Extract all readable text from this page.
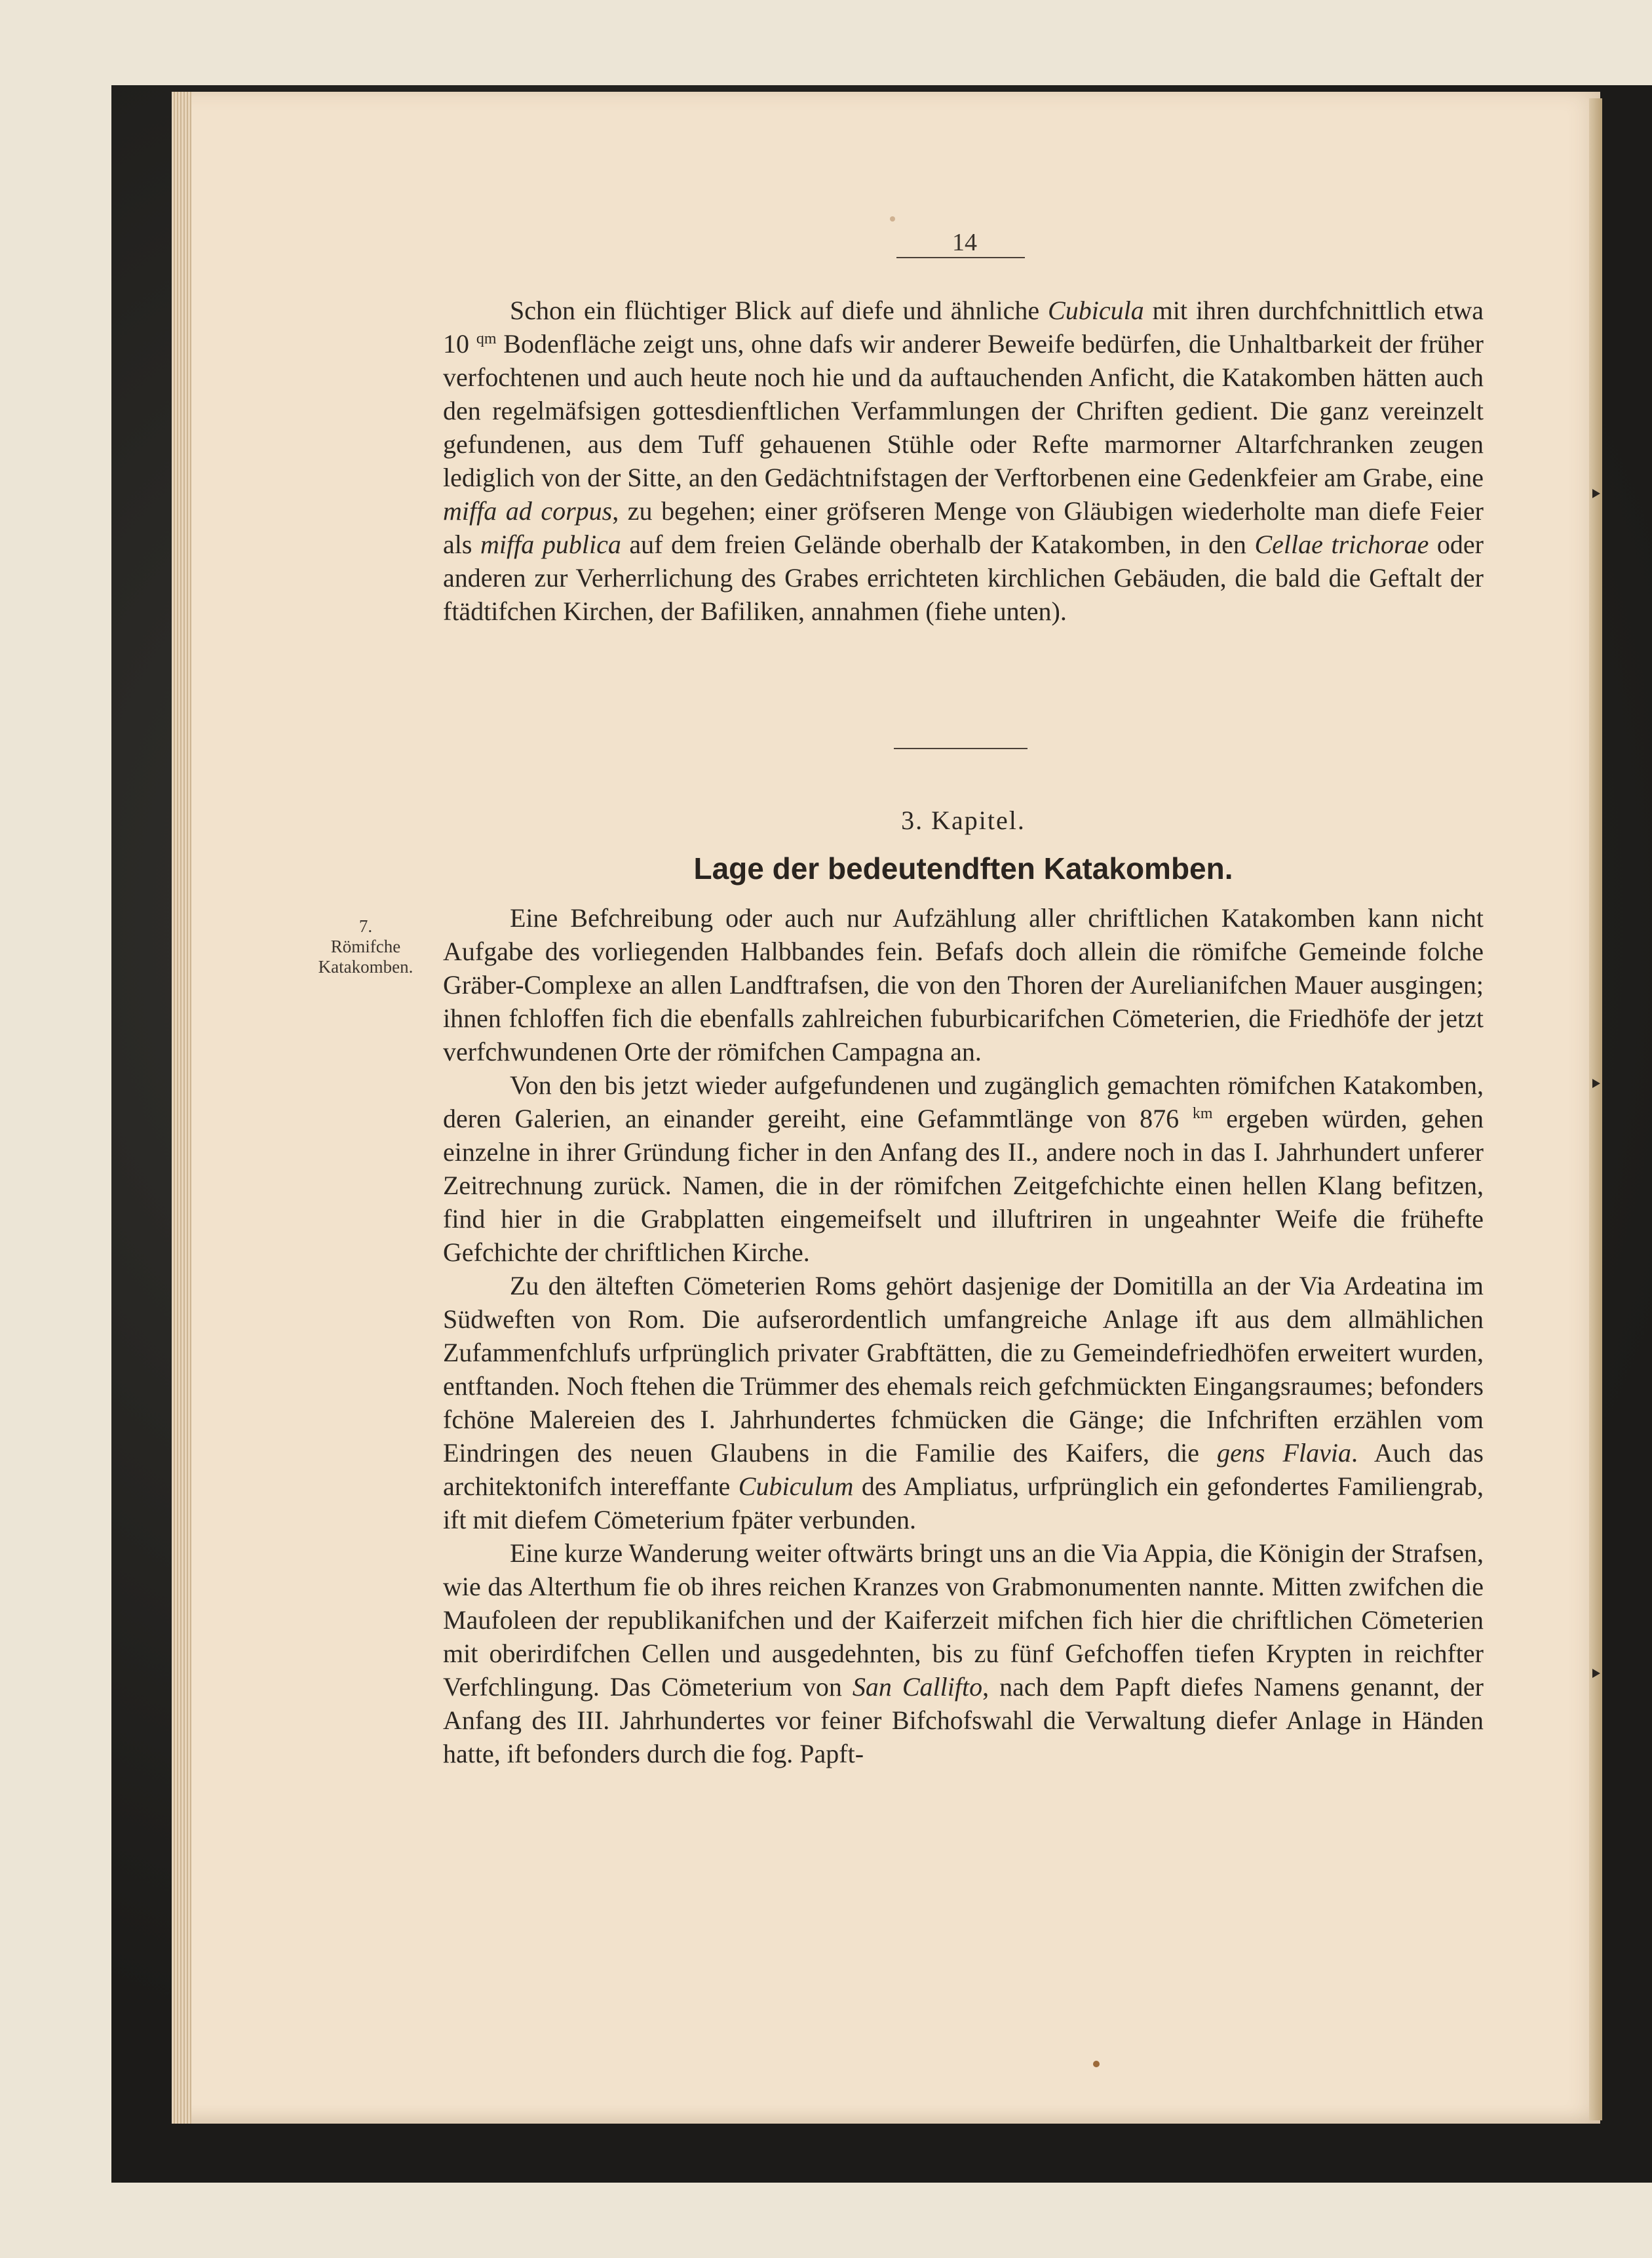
14

Schon ein flüchtiger Blick auf diefe und ähnliche Cubicula mit ihren durchfchnittlich etwa 10 $^{qm}$ Bodenfläche zeigt uns, ohne dafs wir anderer Beweife bedürfen, die Unhaltbarkeit der früher verfochtenen und auch heute noch hie und da auftauchenden Anficht, die Katakomben hätten auch den regelmäfsigen gottesdienftlichen Verfammlungen der Chriften gedient. Die ganz vereinzelt gefundenen, aus dem Tuff gehauenen Stühle oder Refte marmorner Altarfchranken zeugen lediglich von der Sitte, an den Gedächtnifstagen der Verftorbenen eine Gedenkfeier am Grabe, eine miffa ad corpus, zu begehen; einer gröfseren Menge von Gläubigen wiederholte man diefe Feier als miffa publica auf dem freien Gelände oberhalb der Katakomben, in den Cellae trichorae oder anderen zur Verherrlichung des Grabes errichteten kirchlichen Gebäuden, die bald die Geftalt der ftädtifchen Kirchen, der Bafiliken, annahmen (fiehe unten).

3. Kapitel.
Lage der bedeutendften Katakomben.
7.
Römifche
Katakomben.

Eine Befchreibung oder auch nur Aufzählung aller chriftlichen Katakomben kann nicht Aufgabe des vorliegenden Halbbandes fein. Befafs doch allein die römifche Gemeinde folche Gräber-Complexe an allen Landftrafsen, die von den Thoren der Aurelianifchen Mauer ausgingen; ihnen fchloffen fich die ebenfalls zahlreichen fuburbicarifchen Cömeterien, die Friedhöfe der jetzt verfchwundenen Orte der römifchen Campagna an.

Von den bis jetzt wieder aufgefundenen und zugänglich gemachten römifchen Katakomben, deren Galerien, an einander gereiht, eine Gefammtlänge von 876 $^{km}$ ergeben würden, gehen einzelne in ihrer Gründung ficher in den Anfang des II., andere noch in das I. Jahrhundert unferer Zeitrechnung zurück. Namen, die in der römifchen Zeitgefchichte einen hellen Klang befitzen, find hier in die Grabplatten eingemeifselt und illuftriren in ungeahnter Weife die frühefte Gefchichte der chriftlichen Kirche.

Zu den älteften Cömeterien Roms gehört dasjenige der Domitilla an der Via Ardeatina im Südweften von Rom. Die aufserordentlich umfangreiche Anlage ift aus dem allmählichen Zufammenfchlufs urfprünglich privater Grabftätten, die zu Gemeindefriedhöfen erweitert wurden, entftanden. Noch ftehen die Trümmer des ehemals reich gefchmückten Eingangsraumes; befonders fchöne Malereien des I. Jahrhundertes fchmücken die Gänge; die Infchriften erzählen vom Eindringen des neuen Glaubens in die Familie des Kaifers, die gens Flavia. Auch das architektonifch intereffante Cubiculum des Ampliatus, urfprünglich ein gefondertes Familiengrab, ift mit diefem Cömeterium fpäter verbunden.

Eine kurze Wanderung weiter oftwärts bringt uns an die Via Appia, die Königin der Strafsen, wie das Alterthum fie ob ihres reichen Kranzes von Grabmonumenten nannte. Mitten zwifchen die Maufoleen der republikanifchen und der Kaiferzeit mifchen fich hier die chriftlichen Cömeterien mit oberirdifchen Cellen und ausgedehnten, bis zu fünf Gefchoffen tiefen Krypten in reichfter Verfchlingung. Das Cömeterium von San Callifto, nach dem Papft diefes Namens genannt, der Anfang des III. Jahrhundertes vor feiner Bifchofswahl die Verwaltung diefer Anlage in Händen hatte, ift befonders durch die fog. Papft-
